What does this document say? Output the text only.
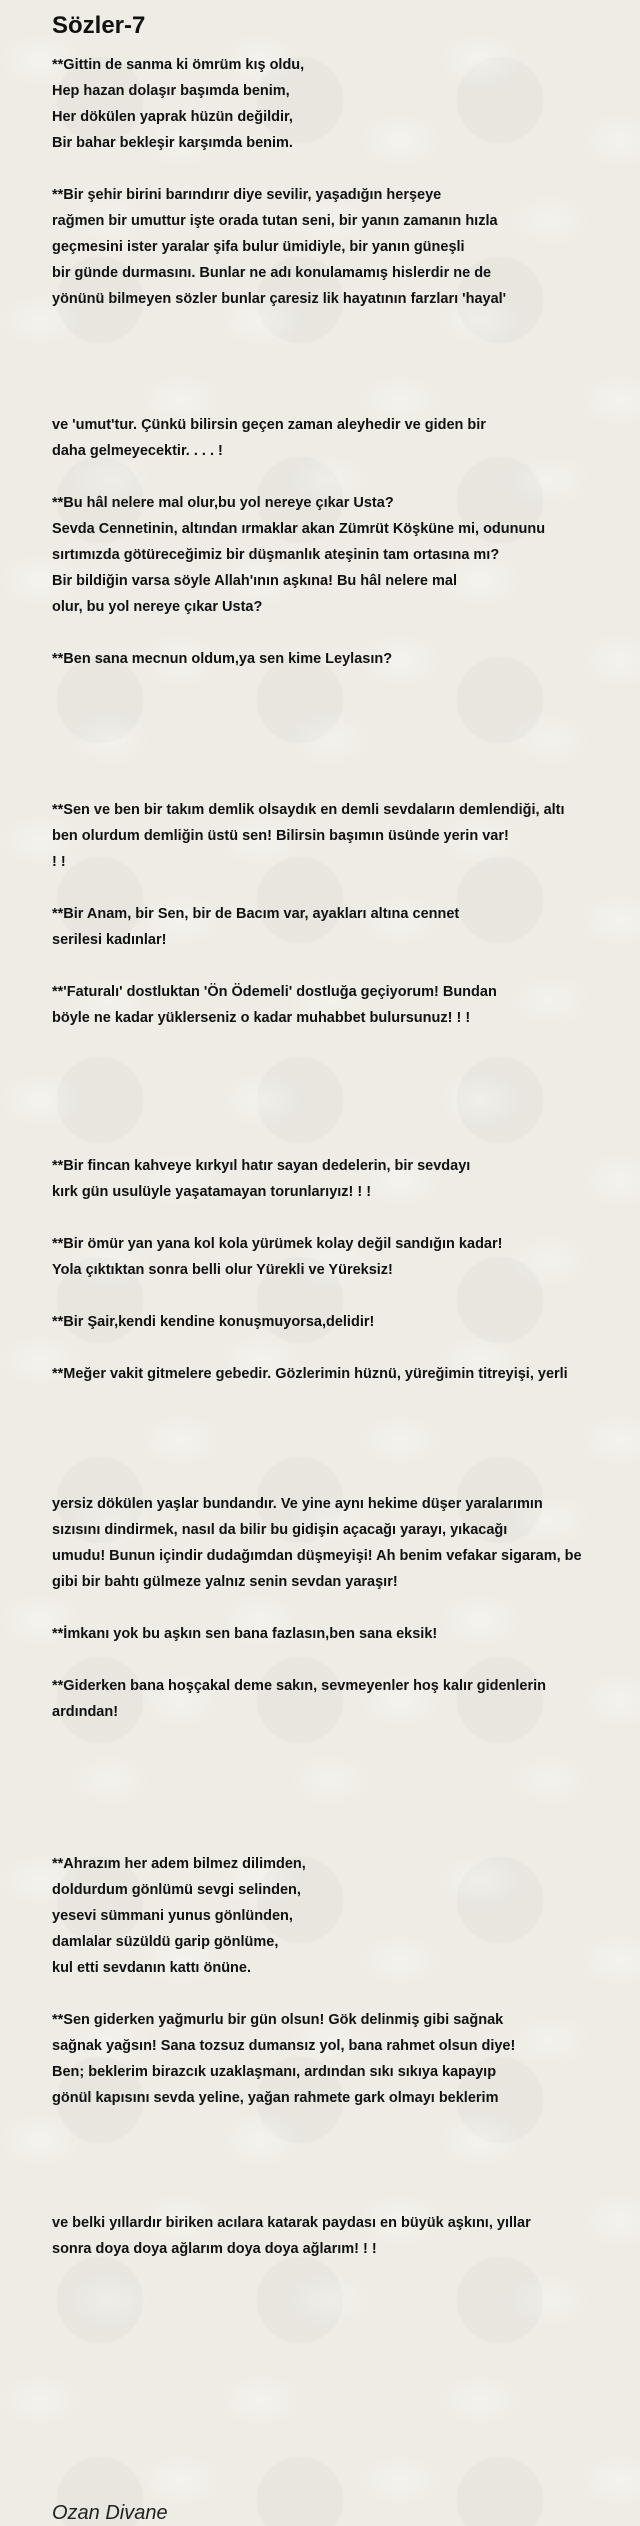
Sözler-7
**Gittin de sanma ki ömrüm kış oldu,
Hep hazan dolaşır başımda benim,
Her dökülen yaprak hüzün değildir,
Bir bahar bekleşir karşımda benim.
**Bir şehir birini barındırır diye sevilir, yaşadığın herşeye
rağmen bir umuttur işte orada tutan seni, bir yanın zamanın hızla
geçmesini ister yaralar şifa bulur ümidiyle, bir yanın güneşli
bir günde durmasını. Bunlar ne adı konulamamış hislerdir ne de
yönünü bilmeyen sözler bunlar çaresiz lik hayatının farzları 'hayal'
ve 'umut'tur. Çünkü bilirsin geçen zaman aleyhedir ve giden bir
daha gelmeyecektir. . . . !
**Bu hâl nelere mal olur,bu yol nereye çıkar Usta?
Sevda Cennetinin, altından ırmaklar akan Zümrüt Köşküne mi, odununu
sırtımızda götüreceğimiz bir düşmanlık ateşinin tam ortasına mı?
Bir bildiğin varsa söyle Allah'ının aşkına! Bu hâl nelere mal
olur, bu yol nereye çıkar Usta?
**Ben sana mecnun oldum,ya sen kime Leylasın?
**Sen ve ben bir takım demlik olsaydık en demli sevdaların demlendiği, altı
ben olurdum demliğin üstü sen! Bilirsin başımın üsünde yerin var!
! !
**Bir Anam, bir Sen, bir de Bacım var, ayakları altına cennet
serilesi kadınlar!
**'Faturalı' dostluktan 'Ön Ödemeli' dostluğa geçiyorum! Bundan
böyle ne kadar yüklerseniz o kadar muhabbet bulursunuz! ! !
**Bir fincan kahveye kırkyıl hatır sayan dedelerin, bir sevdayı
kırk gün usulüyle yaşatamayan torunlarıyız! ! !
**Bir ömür yan yana kol kola yürümek kolay değil sandığın kadar!
Yola çıktıktan sonra belli olur Yürekli ve Yüreksiz!
**Bir Şair,kendi kendine konuşmuyorsa,delidir!
**Meğer vakit gitmelere gebedir. Gözlerimin hüznü, yüreğimin titreyişi, yerli
yersiz dökülen yaşlar bundandır. Ve yine aynı hekime düşer yaralarımın
sızısını dindirmek, nasıl da bilir bu gidişin açacağı yarayı, yıkacağı
umudu! Bunun içindir dudağımdan düşmeyişi! Ah benim vefakar sigaram, be
gibi bir bahtı gülmeze yalnız senin sevdan yaraşır!
**İmkanı yok bu aşkın sen bana fazlasın,ben sana eksik!
**Giderken bana hoşçakal deme sakın, sevmeyenler hoş kalır gidenlerin
ardından!
**Ahrazım her adem bilmez dilimden,
doldurdum gönlümü sevgi selinden,
yesevi sümmani yunus gönlünden,
damlalar süzüldü garip gönlüme,
kul etti sevdanın kattı önüne.
**Sen giderken yağmurlu bir gün olsun! Gök delinmiş gibi sağnak
sağnak yağsın! Sana tozsuz dumansız yol, bana rahmet olsun diye!
Ben; beklerim birazcık uzaklaşmanı, ardından sıkı sıkıya kapayıp
gönül kapısını sevda yeline, yağan rahmete gark olmayı beklerim
ve belki yıllardır biriken acılara katarak paydası en büyük aşkını, yıllar
sonra doya doya ağlarım doya doya ağlarım! ! !

Ozan Divane
